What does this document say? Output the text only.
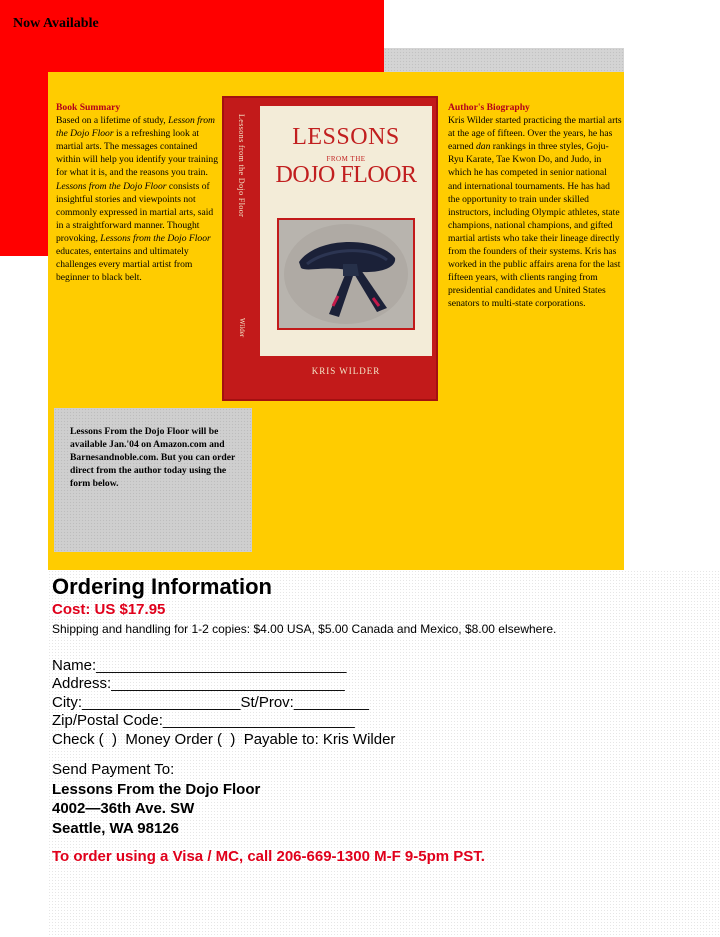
Now Available
Book Summary
Based on a lifetime of study, Lesson from the Dojo Floor is a refreshing look at martial arts. The messages contained within will help you identify your training for what it is, and the reasons you train. Lessons from the Dojo Floor consists of insightful stories and viewpoints not commonly expressed in martial arts, said in a straightforward manner. Thought provoking, Lessons from the Dojo Floor educates, entertains and ultimately challenges every martial artist from beginner to black belt.
Lessons from the Dojo Floor
Wilder
LESSONS
FROM THE
DOJO FLOOR
KRIS WILDER
Author's Biography
Kris Wilder started practicing the martial arts at the age of fifteen. Over the years, he has earned dan rankings in three styles, Goju-Ryu Karate, Tae Kwon Do, and Judo, in which he has competed in senior national and international tournaments. He has had the opportunity to train under skilled instructors, including Olympic athletes, state champions, national champions, and gifted martial artists who take their lineage directly from the founders of their systems. Kris has worked in the public affairs arena for the last fifteen years, with clients ranging from presidential candidates and United States senators to multi-state corporations.
Lessons From the Dojo Floor will be available Jan.'04 on Amazon.com and Barnesandnoble.com. But you can order direct from the author today using the form below.
Ordering Information
Cost: US $17.95
Shipping and handling for 1-2 copies: $4.00 USA, $5.00 Canada and Mexico, $8.00 elsewhere.
Name:______________________________
Address:____________________________
City:___________________St/Prov:_________
Zip/Postal Code:_______________________
Check (  )  Money Order (  )  Payable to: Kris Wilder
Send Payment To:
Lessons From the Dojo Floor
4002—36th Ave. SW
Seattle, WA 98126
To order using a Visa / MC, call 206-669-1300 M-F 9-5pm PST.
